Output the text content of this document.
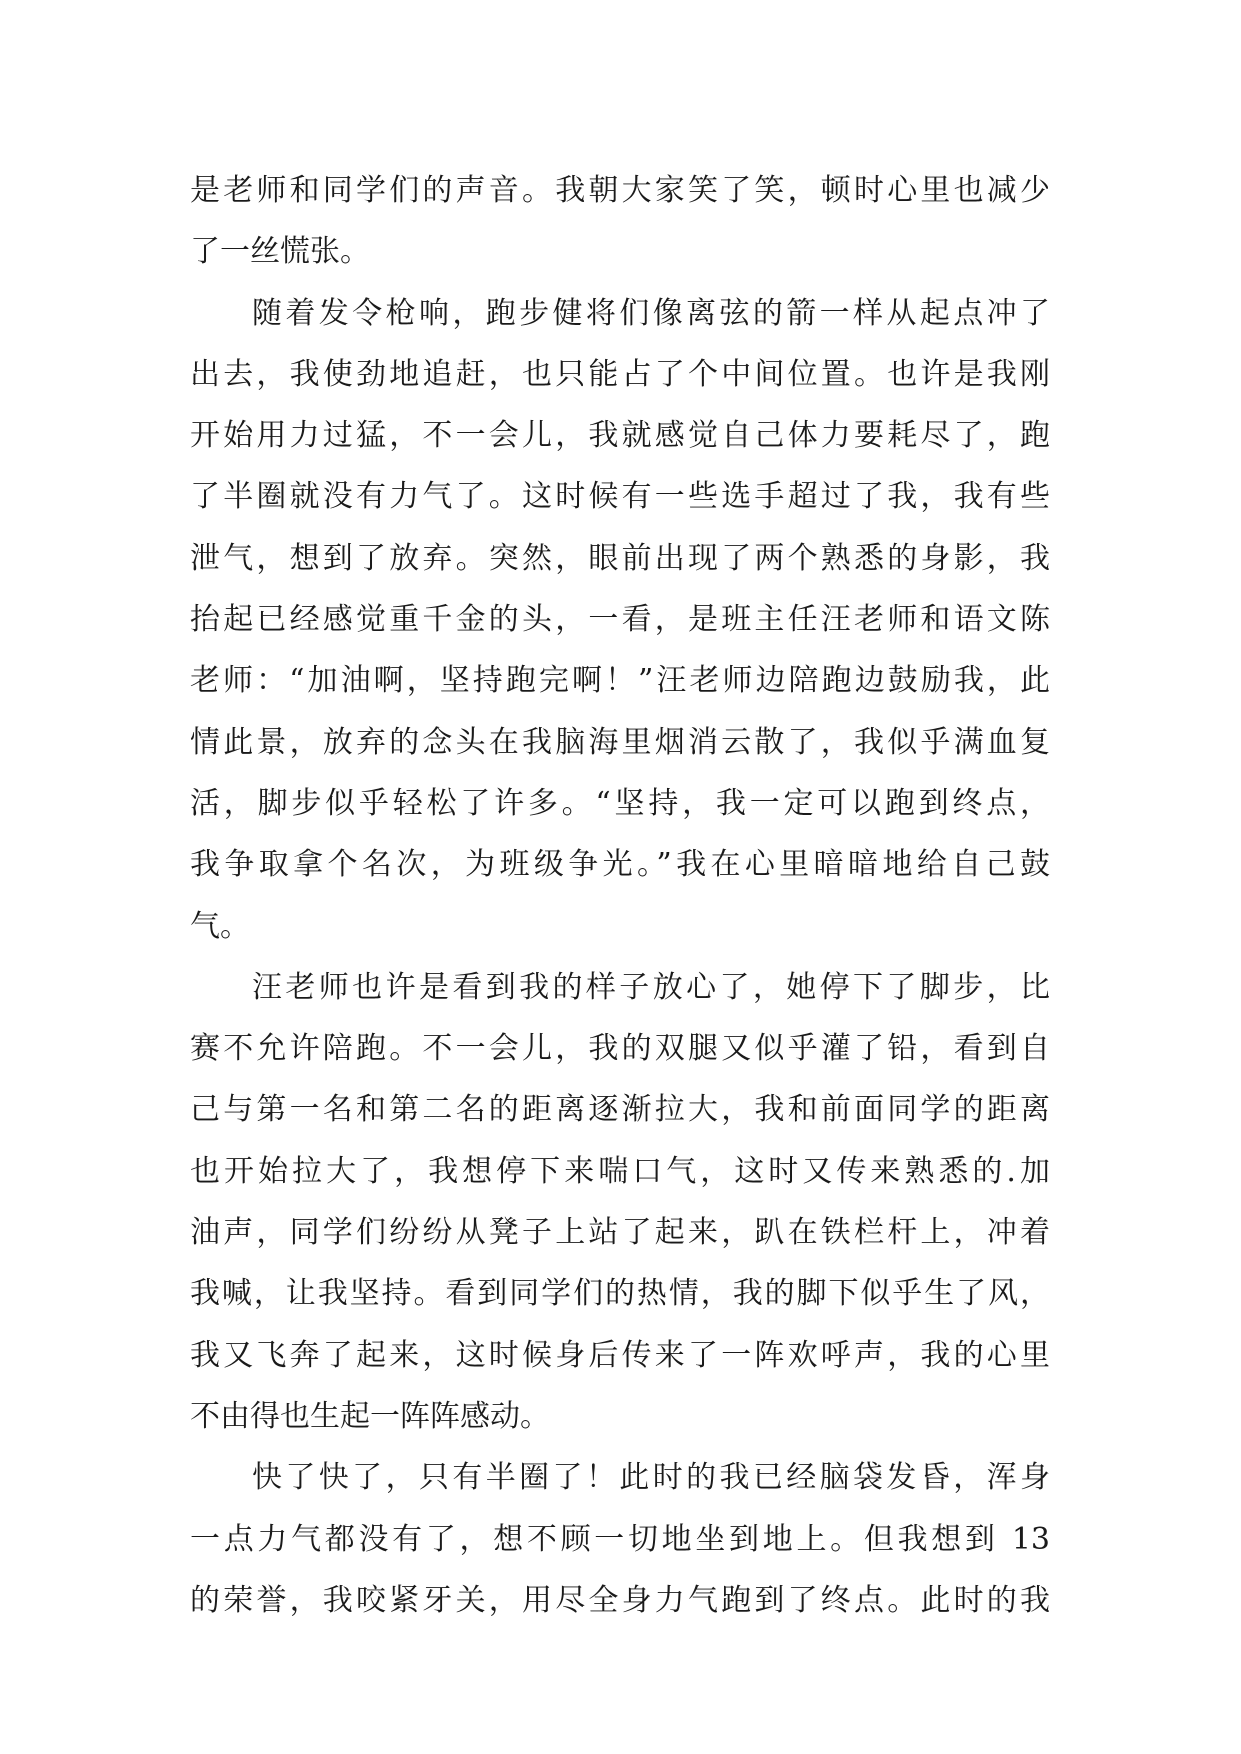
是老师和同学们的声音。我朝大家笑了笑，顿时心里也减少
了一丝慌张。
随着发令枪响，跑步健将们像离弦的箭一样从起点冲了
出去，我使劲地追赶，也只能占了个中间位置。也许是我刚
开始用力过猛，不一会儿，我就感觉自己体力要耗尽了，跑
了半圈就没有力气了。这时候有一些选手超过了我，我有些
泄气，想到了放弃。突然，眼前出现了两个熟悉的身影，我
抬起已经感觉重千金的头，一看，是班主任汪老师和语文陈
老师：“加油啊，坚持跑完啊！”汪老师边陪跑边鼓励我，此
情此景，放弃的念头在我脑海里烟消云散了，我似乎满血复
活，脚步似乎轻松了许多。“坚持，我一定可以跑到终点，
我争取拿个名次，为班级争光。”我在心里暗暗地给自己鼓
气。
汪老师也许是看到我的样子放心了，她停下了脚步，比
赛不允许陪跑。不一会儿，我的双腿又似乎灌了铅，看到自
己与第一名和第二名的距离逐渐拉大，我和前面同学的距离
也开始拉大了，我想停下来喘口气，这时又传来熟悉的.加
油声，同学们纷纷从凳子上站了起来，趴在铁栏杆上，冲着
我喊，让我坚持。看到同学们的热情，我的脚下似乎生了风，
我又飞奔了起来，这时候身后传来了一阵欢呼声，我的心里
不由得也生起一阵阵感动。
快了快了，只有半圈了！此时的我已经脑袋发昏，浑身
一点力气都没有了，想不顾一切地坐到地上。但我想到 13
的荣誉，我咬紧牙关，用尽全身力气跑到了终点。此时的我
